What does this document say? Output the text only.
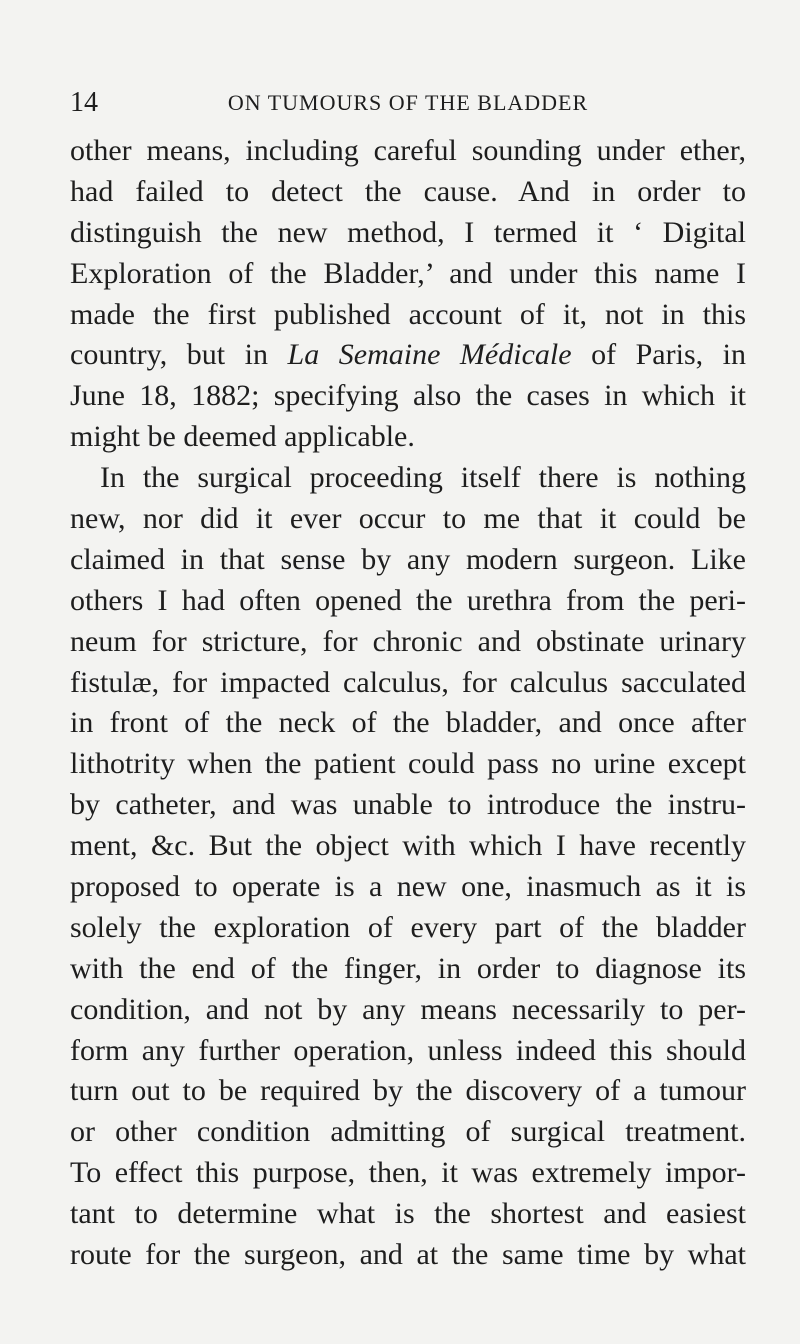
14	ON TUMOURS OF THE BLADDER
other means, including careful sounding under ether,
had failed to detect the cause. And in order to
distinguish the new method, I termed it ‘ Digital
Exploration of the Bladder,’ and under this name I
made the first published account of it, not in this
country, but in La Semaine Médicale of Paris, in
June 18, 1882; specifying also the cases in which it
might be deemed applicable.
In the surgical proceeding itself there is nothing
new, nor did it ever occur to me that it could be
claimed in that sense by any modern surgeon. Like
others I had often opened the urethra from the peri-
neum for stricture, for chronic and obstinate urinary
fistulæ, for impacted calculus, for calculus sacculated
in front of the neck of the bladder, and once after
lithotrity when the patient could pass no urine except
by catheter, and was unable to introduce the instru-
ment, &c. But the object with which I have recently
proposed to operate is a new one, inasmuch as it is
solely the exploration of every part of the bladder
with the end of the finger, in order to diagnose its
condition, and not by any means necessarily to per-
form any further operation, unless indeed this should
turn out to be required by the discovery of a tumour
or other condition admitting of surgical treatment.
To effect this purpose, then, it was extremely impor-
tant to determine what is the shortest and easiest
route for the surgeon, and at the same time by what
